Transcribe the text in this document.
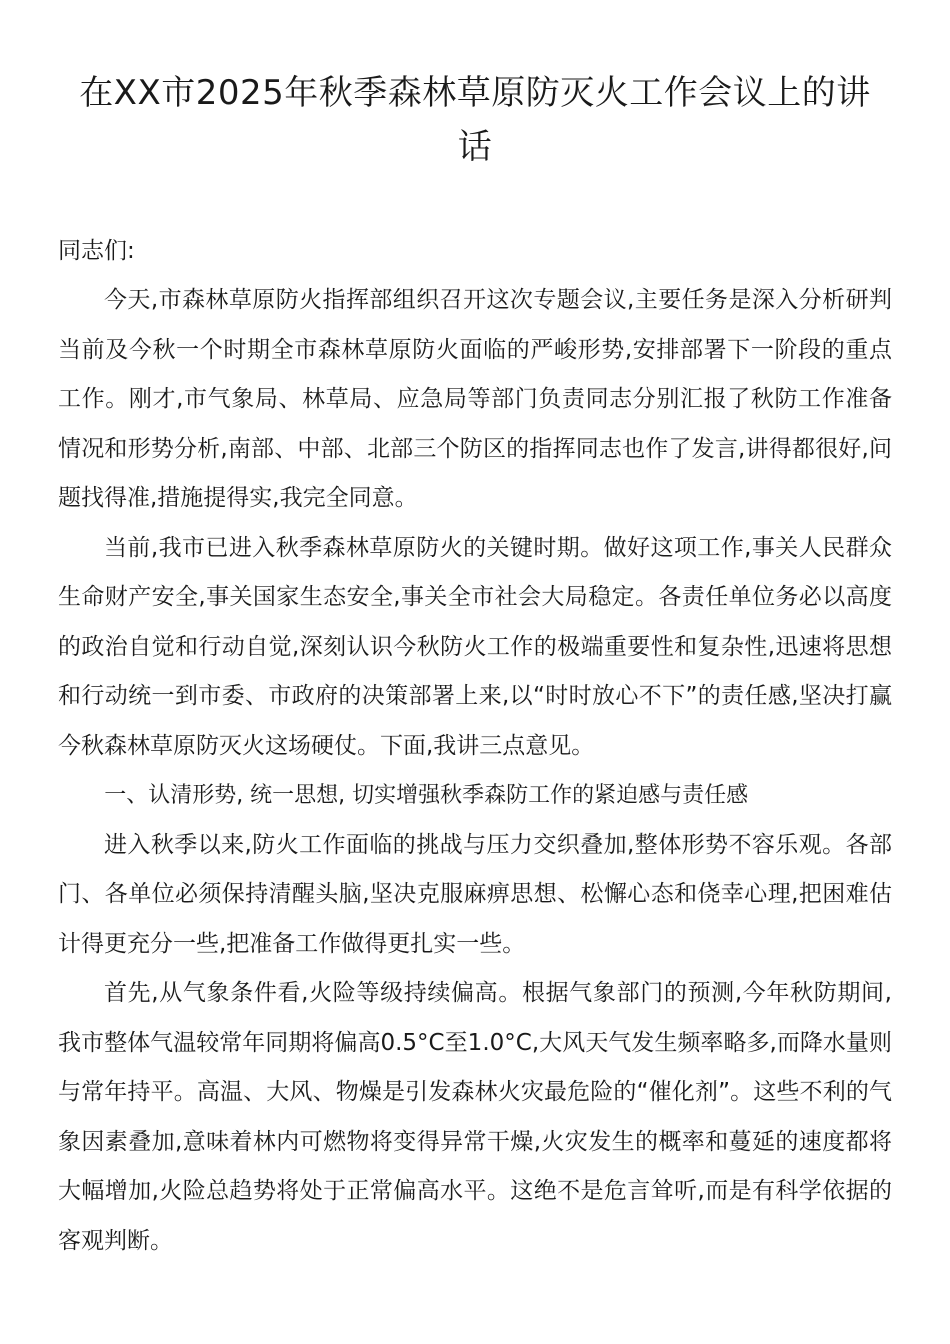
在XX市2025年秋季森林草原防灭火工作会议上的讲话

同志们:

今天,市森林草原防火指挥部组织召开这次专题会议,主要任务是深入分析研判当前及今秋一个时期全市森林草原防火面临的严峻形势,安排部署下一阶段的重点工作。刚才,市气象局、林草局、应急局等部门负责同志分别汇报了秋防工作准备情况和形势分析,南部、中部、北部三个防区的指挥同志也作了发言,讲得都很好,问题找得准,措施提得实,我完全同意。

当前,我市已进入秋季森林草原防火的关键时期。做好这项工作,事关人民群众生命财产安全,事关国家生态安全,事关全市社会大局稳定。各责任单位务必以高度的政治自觉和行动自觉,深刻认识今秋防火工作的极端重要性和复杂性,迅速将思想和行动统一到市委、市政府的决策部署上来,以“时时放心不下”的责任感,坚决打赢今秋森林草原防灭火这场硬仗。下面,我讲三点意见。

一、认清形势, 统一思想, 切实增强秋季森防工作的紧迫感与责任感

进入秋季以来,防火工作面临的挑战与压力交织叠加,整体形势不容乐观。各部门、各单位必须保持清醒头脑,坚决克服麻痹思想、松懈心态和侥幸心理,把困难估计得更充分一些,把准备工作做得更扎实一些。

首先,从气象条件看,火险等级持续偏高。根据气象部门的预测,今年秋防期间,我市整体气温较常年同期将偏高0.5°C至1.0°C,大风天气发生频率略多,而降水量则与常年持平。高温、大风、物燥是引发森林火灾最危险的“催化剂”。这些不利的气象因素叠加,意味着林内可燃物将变得异常干燥,火灾发生的概率和蔓延的速度都将大幅增加,火险总趋势将处于正常偏高水平。这绝不是危言耸听,而是有科学依据的客观判断。
